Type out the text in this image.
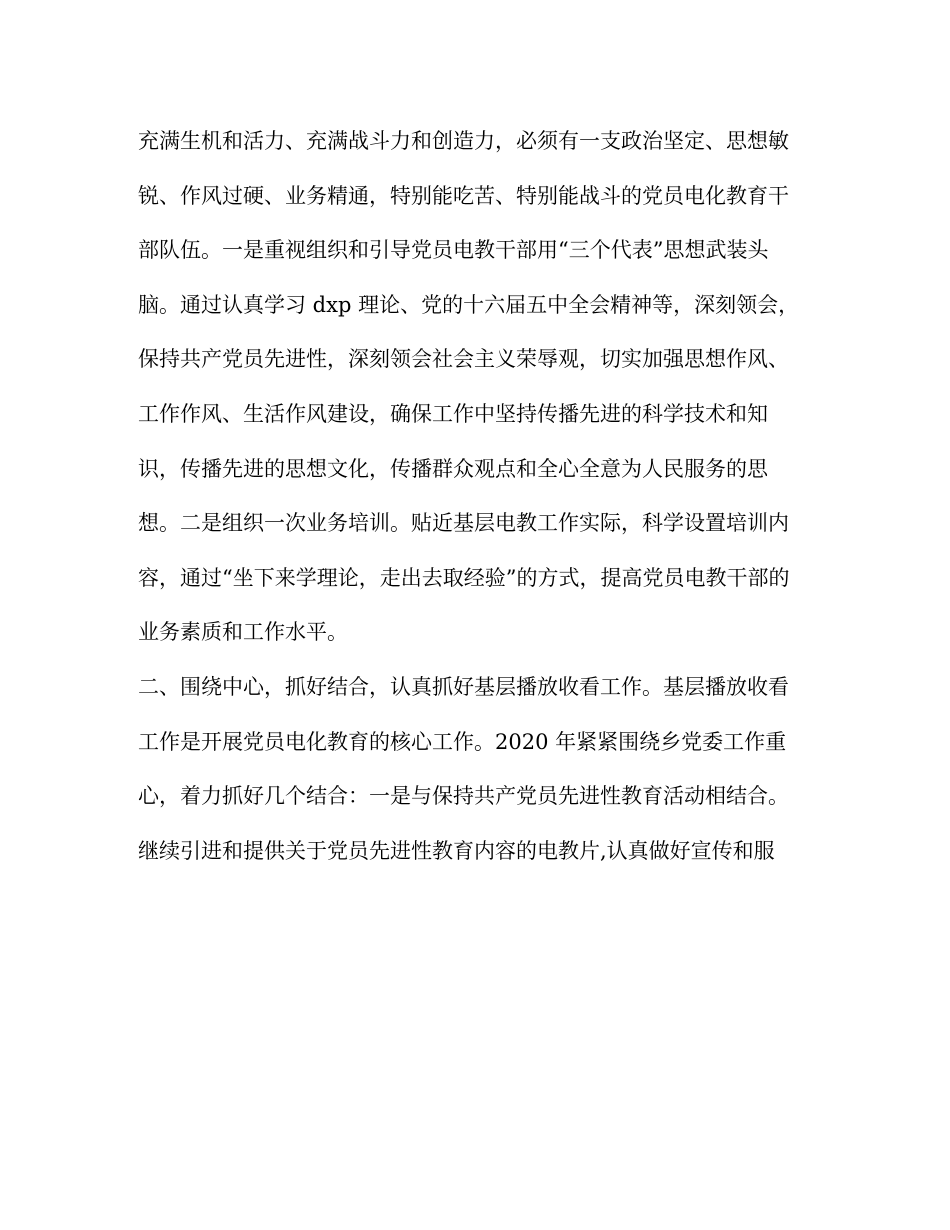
充满生机和活力、充满战斗力和创造力，必须有一支政治坚定、思想敏
锐、作风过硬、业务精通，特别能吃苦、特别能战斗的党员电化教育干
部队伍。一是重视组织和引导党员电教干部用“三个代表”思想武装头
脑。通过认真学习 dxp 理论、党的十六届五中全会精神等，深刻领会，
保持共产党员先进性，深刻领会社会主义荣辱观，切实加强思想作风、
工作作风、生活作风建设，确保工作中坚持传播先进的科学技术和知
识，传播先进的思想文化，传播群众观点和全心全意为人民服务的思
想。二是组织一次业务培训。贴近基层电教工作实际，科学设置培训内
容，通过“坐下来学理论，走出去取经验”的方式，提高党员电教干部的
业务素质和工作水平。
二、围绕中心，抓好结合，认真抓好基层播放收看工作。基层播放收看
工作是开展党员电化教育的核心工作。2020 年紧紧围绕乡党委工作重
心，着力抓好几个结合：一是与保持共产党员先进性教育活动相结合。
继续引进和提供关于党员先进性教育内容的电教片,认真做好宣传和服
